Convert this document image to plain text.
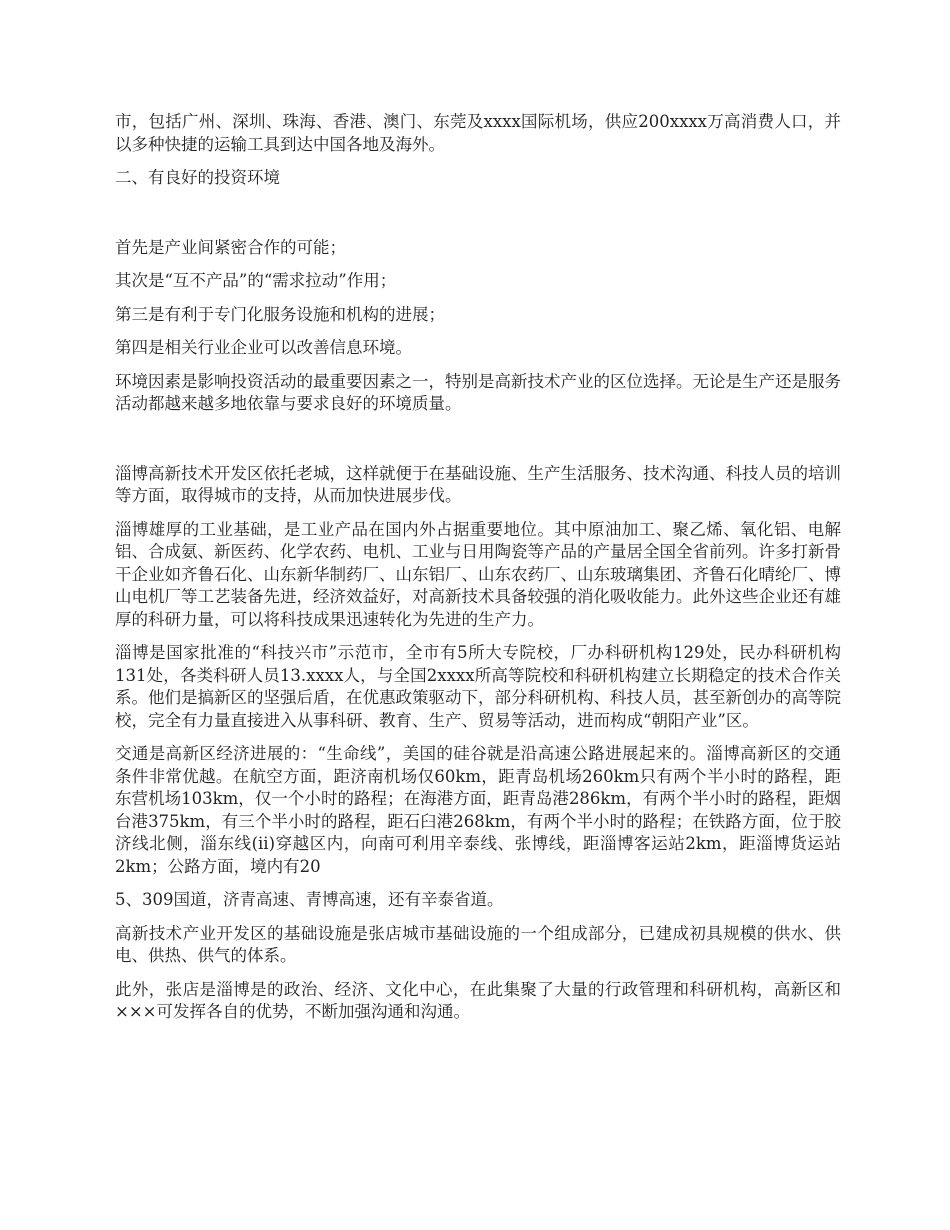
市，包括广州、深圳、珠海、香港、澳门、东莞及xxxx国际机场，供应200xxxx万高消费人口，并以多种快捷的运输工具到达中国各地及海外。

二、有良好的投资环境

首先是产业间紧密合作的可能；

其次是“互不产品”的“需求拉动”作用；

第三是有利于专门化服务设施和机构的进展；

第四是相关行业企业可以改善信息环境。

环境因素是影响投资活动的最重要因素之一，特别是高新技术产业的区位选择。无论是生产还是服务活动都越来越多地依靠与要求良好的环境质量。

淄博高新技术开发区依托老城，这样就便于在基础设施、生产生活服务、技术沟通、科技人员的培训等方面，取得城市的支持，从而加快进展步伐。

淄博雄厚的工业基础，是工业产品在国内外占据重要地位。其中原油加工、聚乙烯、氧化铝、电解铝、合成氨、新医药、化学农药、电机、工业与日用陶瓷等产品的产量居全国全省前列。许多打新骨干企业如齐鲁石化、山东新华制药厂、山东铝厂、山东农药厂、山东玻璃集团、齐鲁石化晴纶厂、博山电机厂等工艺装备先进，经济效益好，对高新技术具备较强的消化吸收能力。此外这些企业还有雄厚的科研力量，可以将科技成果迅速转化为先进的生产力。

淄博是国家批准的“科技兴市”示范市，全市有5所大专院校，厂办科研机构129处，民办科研机构131处，各类科研人员13.xxxx人，与全国2xxxx所高等院校和科研机构建立长期稳定的技术合作关系。他们是搞新区的坚强后盾，在优惠政策驱动下，部分科研机构、科技人员，甚至新创办的高等院校，完全有力量直接进入从事科研、教育、生产、贸易等活动，进而构成“朝阳产业”区。

交通是高新区经济进展的：“生命线”，美国的硅谷就是沿高速公路进展起来的。淄博高新区的交通条件非常优越。在航空方面，距济南机场仅60km，距青岛机场260km只有两个半小时的路程，距东营机场103km，仅一个小时的路程；在海港方面，距青岛港286km，有两个半小时的路程，距烟台港375km，有三个半小时的路程，距石臼港268km，有两个半小时的路程；在铁路方面，位于胶济线北侧，淄东线(ii)穿越区内，向南可利用辛泰线、张博线，距淄博客运站2km，距淄博货运站2km；公路方面，境内有20

5、309国道，济青高速、青博高速，还有辛泰省道。

高新技术产业开发区的基础设施是张店城市基础设施的一个组成部分，已建成初具规模的供水、供电、供热、供气的体系。

此外，张店是淄博是的政治、经济、文化中心，在此集聚了大量的行政管理和科研机构，高新区和×××可发挥各自的优势，不断加强沟通和沟通。
